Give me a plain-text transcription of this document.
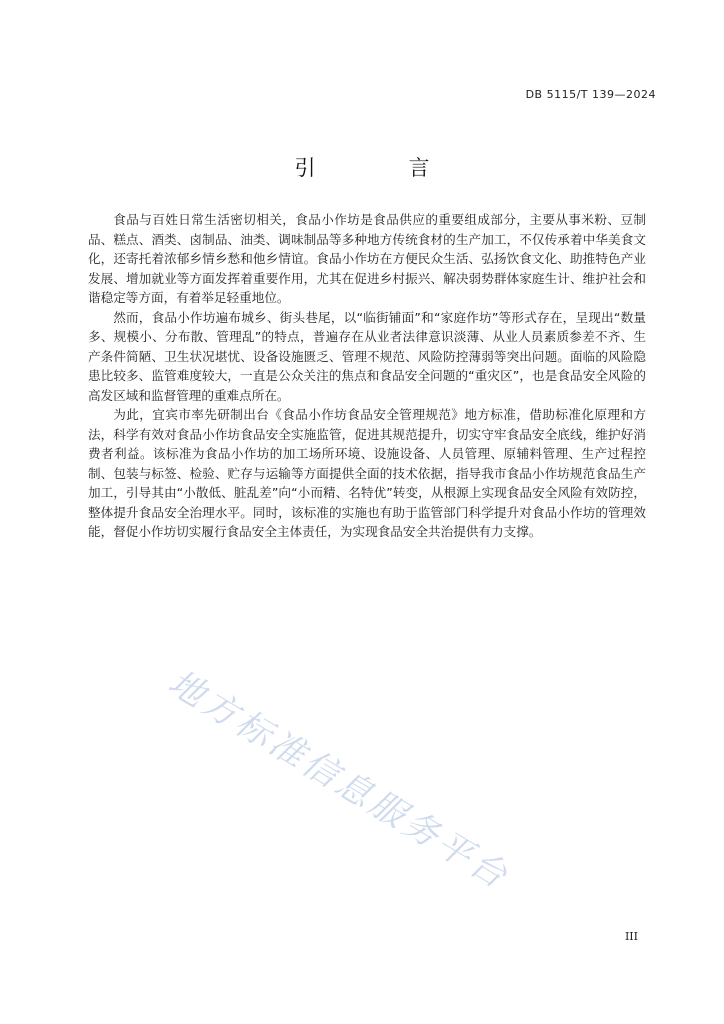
DB 5115/T 139—2024
引　言

食品与百姓日常生活密切相关，食品小作坊是食品供应的重要组成部分，主要从事米粉、豆制品、糕点、酒类、卤制品、油类、调味制品等多种地方传统食材的生产加工，不仅传承着中华美食文化，还寄托着浓郁乡情乡愁和他乡情谊。食品小作坊在方便民众生活、弘扬饮食文化、助推特色产业发展、增加就业等方面发挥着重要作用，尤其在促进乡村振兴、解决弱势群体家庭生计、维护社会和谐稳定等方面，有着举足轻重地位。

然而，食品小作坊遍布城乡、街头巷尾，以“临街铺面”和“家庭作坊”等形式存在，呈现出“数量多、规模小、分布散、管理乱”的特点，普遍存在从业者法律意识淡薄、从业人员素质参差不齐、生产条件简陋、卫生状况堪忧、设备设施匮乏、管理不规范、风险防控薄弱等突出问题。面临的风险隐患比较多、监管难度较大，一直是公众关注的焦点和食品安全问题的“重灾区”，也是食品安全风险的高发区域和监督管理的重难点所在。

为此，宜宾市率先研制出台《食品小作坊食品安全管理规范》地方标准，借助标准化原理和方法，科学有效对食品小作坊食品安全实施监管，促进其规范提升，切实守牢食品安全底线，维护好消费者利益。该标准为食品小作坊的加工场所环境、设施设备、人员管理、原辅料管理、生产过程控制、包装与标签、检验、贮存与运输等方面提供全面的技术依据，指导我市食品小作坊规范食品生产加工，引导其由“小散低、脏乱差”向“小而精、名特优”转变，从根源上实现食品安全风险有效防控，整体提升食品安全治理水平。同时，该标准的实施也有助于监管部门科学提升对食品小作坊的管理效能，督促小作坊切实履行食品安全主体责任，为实现食品安全共治提供有力支撑。

地方标准信息服务平台
III
